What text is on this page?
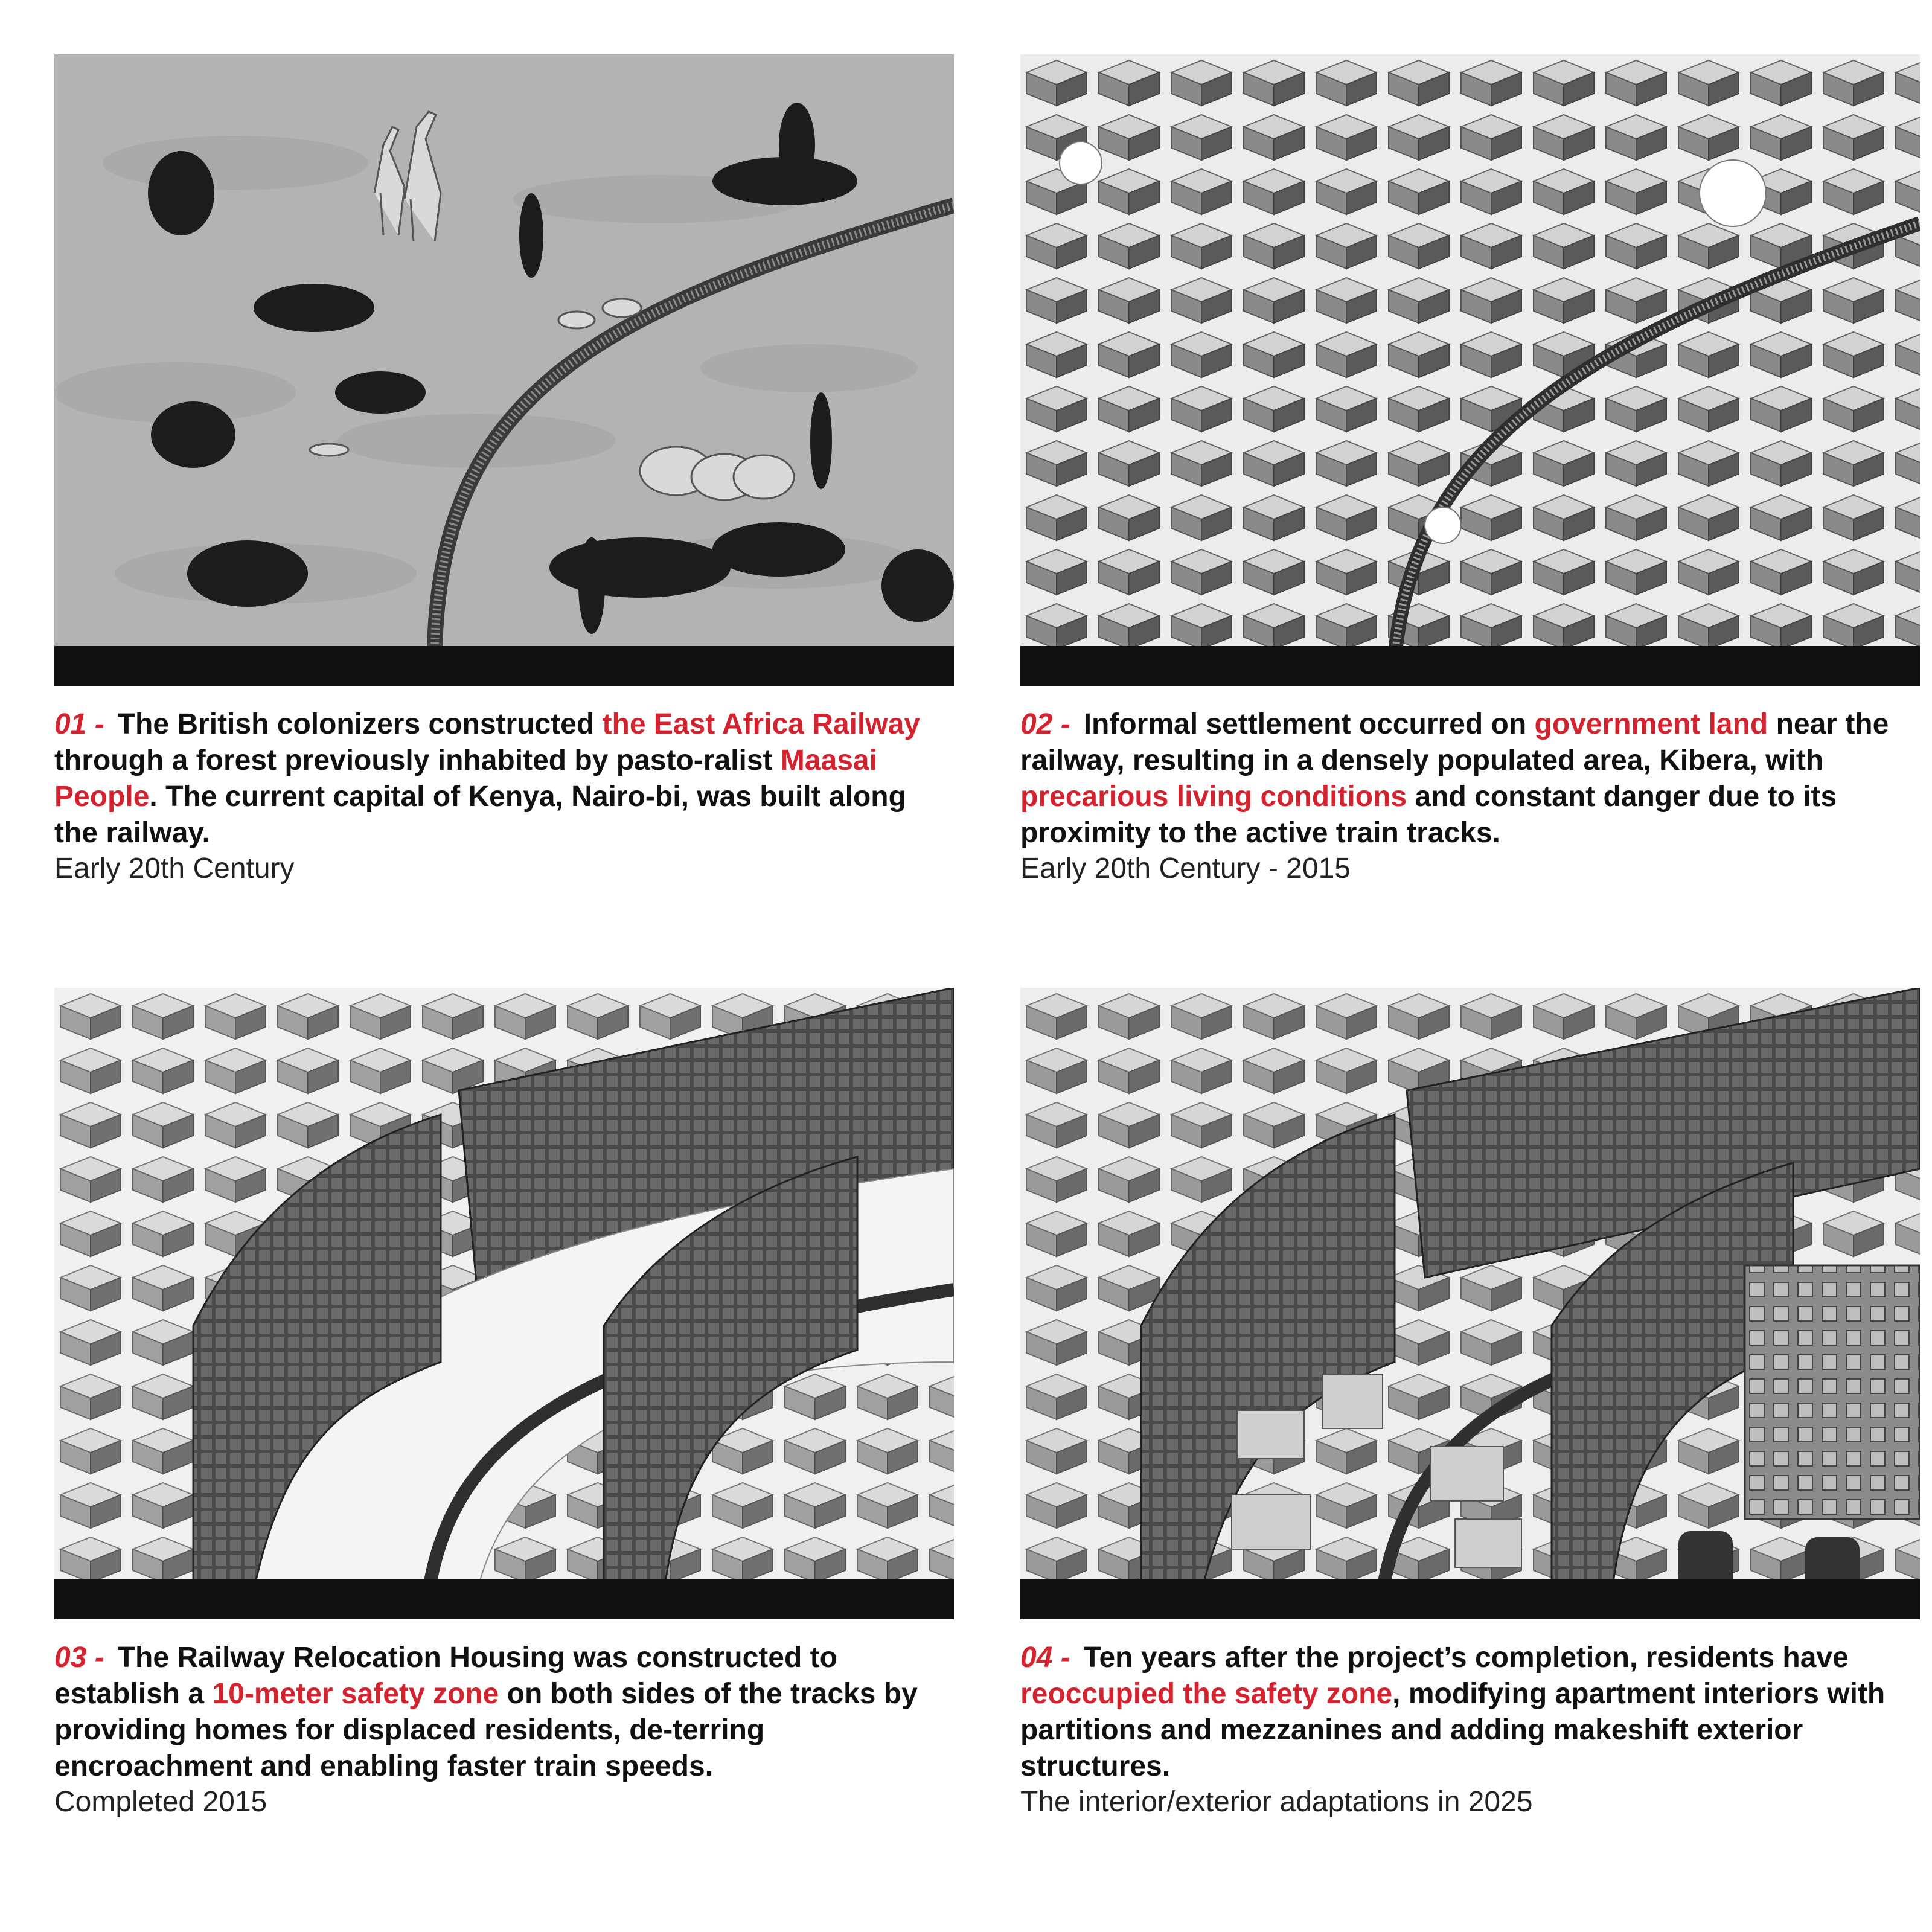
01 - The British colonizers constructed the East Africa Railway through a forest previously inhabited by pasto-ralist Maasai People. The current capital of Kenya, Nairo-bi, was built along the railway.

Early 20th Century

02 - Informal settlement occurred on government land near the railway, resulting in a densely populated area, Kibera, with precarious living conditions and constant danger due to its proximity to the active train tracks.

Early 20th Century - 2015

03 - The Railway Relocation Housing was constructed to establish a 10-meter safety zone on both sides of the tracks by providing homes for displaced residents, de-terring encroachment and enabling faster train speeds.

Completed 2015

04 - Ten years after the project’s completion, residents have reoccupied the safety zone, modifying apartment interiors with partitions and mezzanines and adding makeshift exterior structures.

The interior/exterior adaptations in 2025
